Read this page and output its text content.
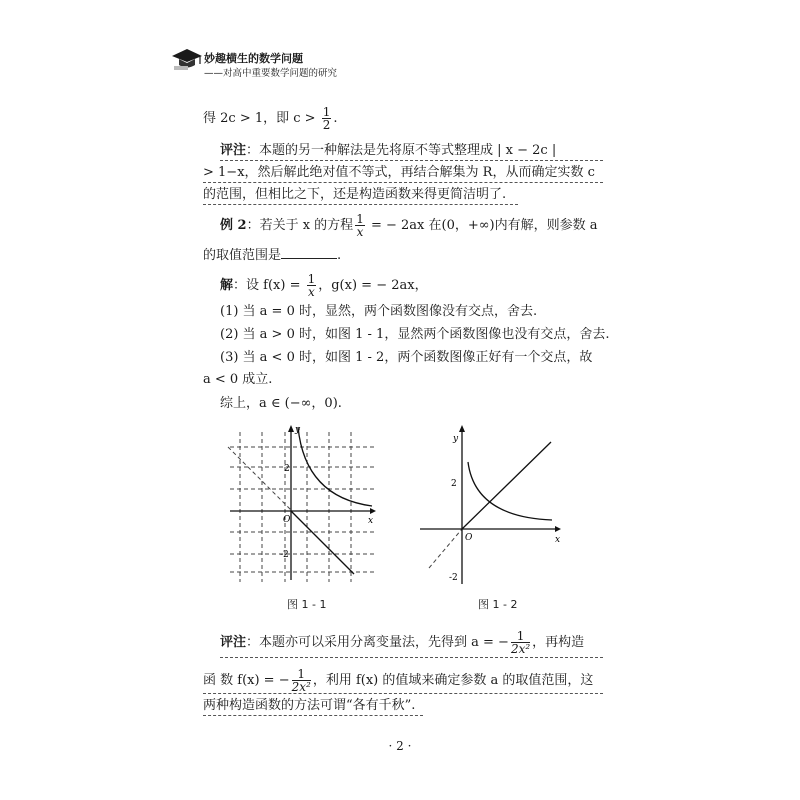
妙趣横生的数学问题
——对高中重要数学问题的研究
得 2c > 1，即 $c > \frac{1}{2}$ .
评注：本题的另一种解法是先将原不等式整理成 | x − 2c |
> 1−x，然后解此绝对值不等式，再结合解集为 R，从而确定实数 c
的范围，但相比之下，还是构造函数来得更简洁明了.
例 2：若关于 x 的方程 $\frac{1}{x}$ = − 2ax 在(0，+∞)内有解，则参数 a
的取值范围是	.
解：设 $f(x) = \frac{1}{x}$ ，g(x) = − 2ax，
(1) 当 a = 0 时，显然，两个函数图像没有交点，舍去.
(2) 当 a > 0 时，如图 1 - 1，显然两个函数图像也没有交点，舍去.
(3) 当 a < 0 时，如图 1 - 2，两个函数图像正好有一个交点，故
a < 0 成立.
综上，a ∈ (−∞，0).
y
x
O
2
-2
图 1 - 1
y
x
O
2
-2
图 1 - 2
评注：本题亦可以采用分离变量法，先得到 a = − $\frac{1}{\text{2x²}}$ ，再构造
函 数 f(x) = − $\frac{1}{\text{2x²}}$ ，利用 f(x) 的值域来确定参数 a 的取值范围，这
两种构造函数的方法可谓“各有千秋”.
· 2 ·
